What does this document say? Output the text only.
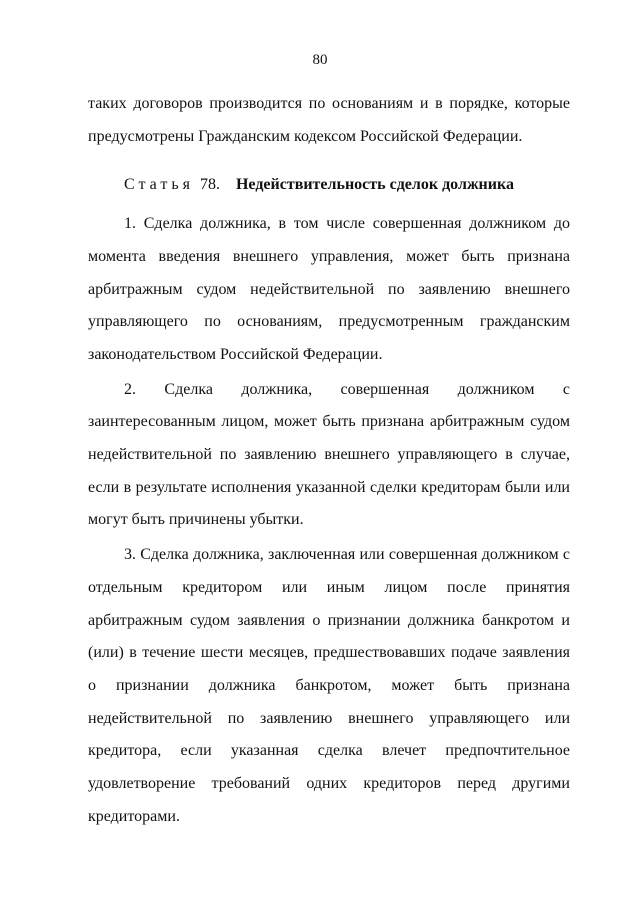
80

таких договоров производится по основаниям и в порядке, которые предусмотрены Гражданским кодексом Российской Федерации.

Статья 78. Недействительность сделок должника

1. Сделка должника, в том числе совершенная должником до момента введения внешнего управления, может быть признана арбитражным судом недействительной по заявлению внешнего управляющего по основаниям, предусмотренным гражданским законодательством Российской Федерации.

2. Сделка должника, совершенная должником с заинтересованным лицом, может быть признана арбитражным судом недействительной по заявлению внешнего управляющего в случае, если в результате исполнения указанной сделки кредиторам были или могут быть причинены убытки.

3. Сделка должника, заключенная или совершенная должником с отдельным кредитором или иным лицом после принятия арбитражным судом заявления о признании должника банкротом и (или) в течение шести месяцев, предшествовавших подаче заявления о признании должника банкротом, может быть признана недействительной по заявлению внешнего управляющего или кредитора, если указанная сделка влечет предпочтительное удовлетворение требований одних кредиторов перед другими кредиторами.
